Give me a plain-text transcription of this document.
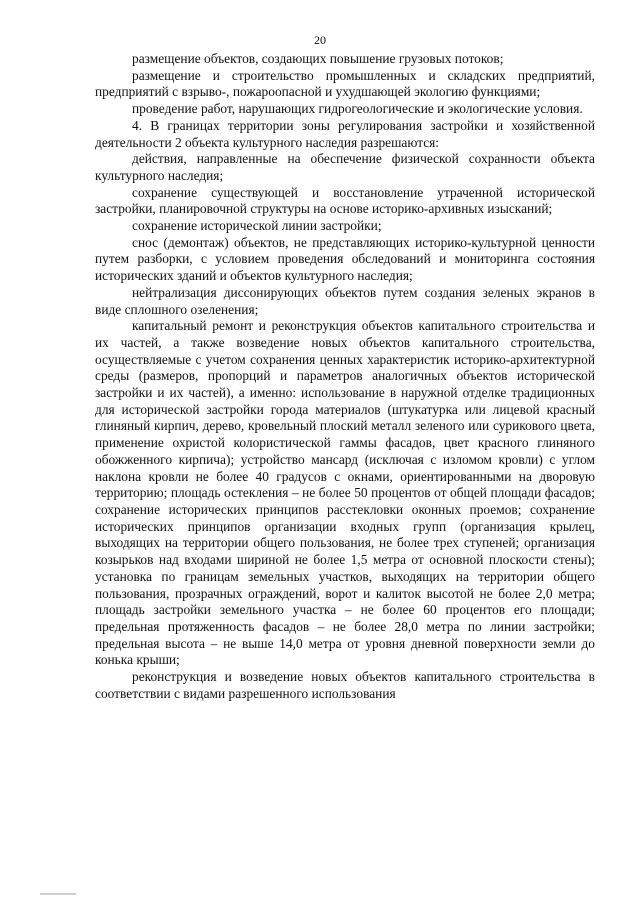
20

размещение объектов, создающих повышение грузовых потоков;

размещение и строительство промышленных и складских предприятий, предприятий с взрыво-, пожароопасной и ухудшающей экологию функциями;

проведение работ, нарушающих гидрогеологические и экологические условия.

4. В границах территории зоны регулирования застройки и хозяйственной деятельности 2 объекта культурного наследия разрешаются:

действия, направленные на обеспечение физической сохранности объекта культурного наследия;

сохранение существующей и восстановление утраченной исторической застройки, планировочной структуры на основе историко-архивных изысканий;

сохранение исторической линии застройки;

снос (демонтаж) объектов, не представляющих историко-культурной ценности путем разборки, с условием проведения обследований и мониторинга состояния исторических зданий и объектов культурного наследия;

нейтрализация диссонирующих объектов путем создания зеленых экранов в виде сплошного озеленения;

капитальный ремонт и реконструкция объектов капитального строительства и их частей, а также возведение новых объектов капитального строительства, осуществляемые с учетом сохранения ценных характеристик историко-архитектурной среды (размеров, пропорций и параметров аналогичных объектов исторической застройки и их частей), а именно: использование в наружной отделке традиционных для исторической застройки города материалов (штукатурка или лицевой красный глиняный кирпич, дерево, кровельный плоский металл зеленого или сурикового цвета, применение охристой колористической гаммы фасадов, цвет красного глиняного обожженного кирпича); устройство мансард (исключая с изломом кровли) с углом наклона кровли не более 40 градусов с окнами, ориентированными на дворовую территорию; площадь остекления – не более 50 процентов от общей площади фасадов; сохранение исторических принципов расстекловки оконных проемов; сохранение исторических принципов организации входных групп (организация крылец, выходящих на территории общего пользования, не более трех ступеней; организация козырьков над входами шириной не более 1,5 метра от основной плоскости стены); установка по границам земельных участков, выходящих на территории общего пользования, прозрачных ограждений, ворот и калиток высотой не более 2,0 метра; площадь застройки земельного участка – не более 60 процентов его площади; предельная протяженность фасадов – не более 28,0 метра по линии застройки; предельная высота – не выше 14,0 метра от уровня дневной поверхности земли до конька крыши;

реконструкция и возведение новых объектов капитального строительства в соответствии с видами разрешенного использования
